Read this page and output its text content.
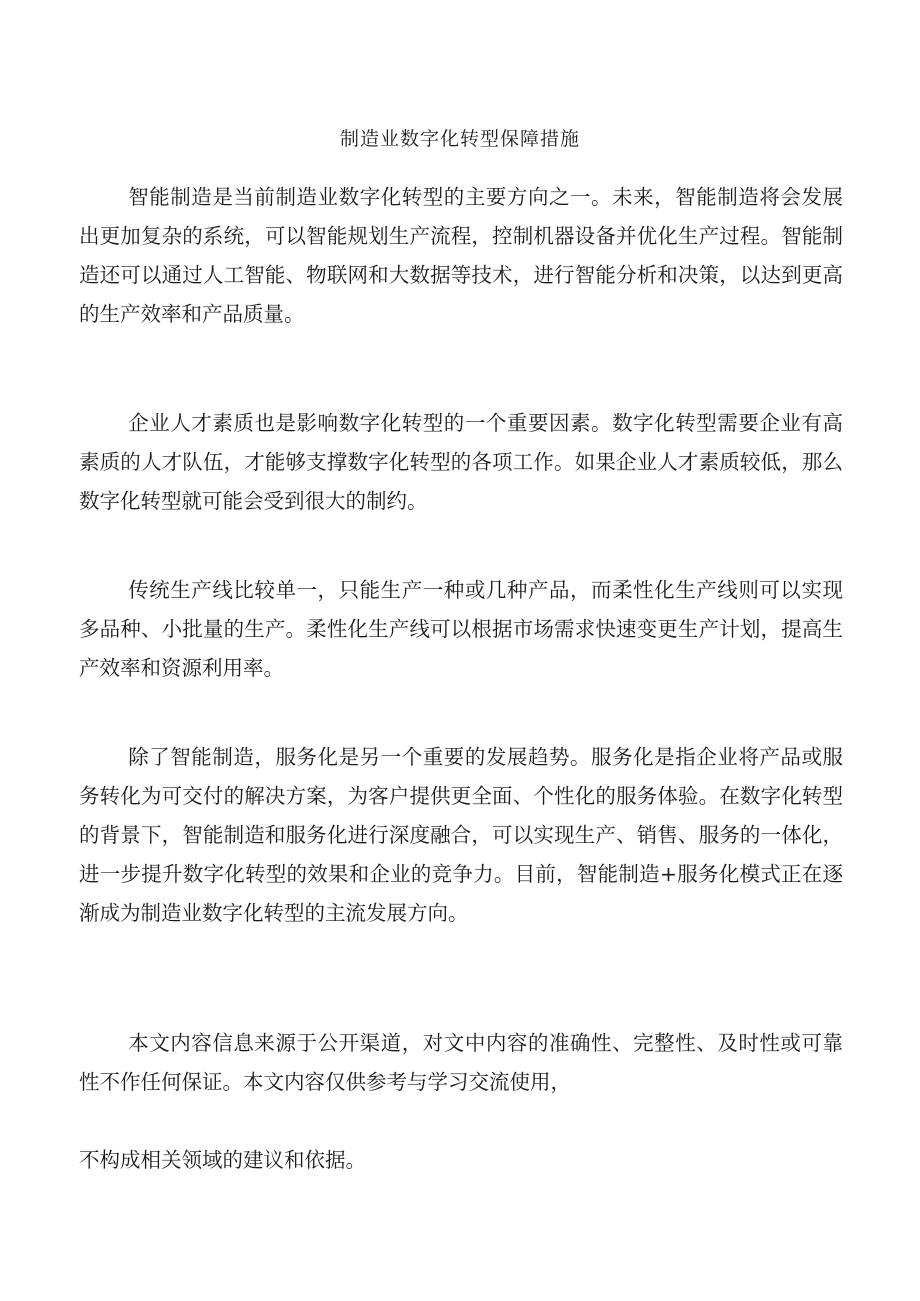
制造业数字化转型保障措施

智能制造是当前制造业数字化转型的主要方向之一。未来，智能制造将会发展出更加复杂的系统，可以智能规划生产流程，控制机器设备并优化生产过程。智能制造还可以通过人工智能、物联网和大数据等技术，进行智能分析和决策，以达到更高的生产效率和产品质量。

企业人才素质也是影响数字化转型的一个重要因素。数字化转型需要企业有高素质的人才队伍，才能够支撑数字化转型的各项工作。如果企业人才素质较低，那么数字化转型就可能会受到很大的制约。

传统生产线比较单一，只能生产一种或几种产品，而柔性化生产线则可以实现多品种、小批量的生产。柔性化生产线可以根据市场需求快速变更生产计划，提高生产效率和资源利用率。

除了智能制造，服务化是另一个重要的发展趋势。服务化是指企业将产品或服务转化为可交付的解决方案，为客户提供更全面、个性化的服务体验。在数字化转型的背景下，智能制造和服务化进行深度融合，可以实现生产、销售、服务的一体化，进一步提升数字化转型的效果和企业的竞争力。目前，智能制造+服务化模式正在逐渐成为制造业数字化转型的主流发展方向。

本文内容信息来源于公开渠道，对文中内容的准确性、完整性、及时性或可靠性不作任何保证。本文内容仅供参考与学习交流使用，

不构成相关领域的建议和依据。
